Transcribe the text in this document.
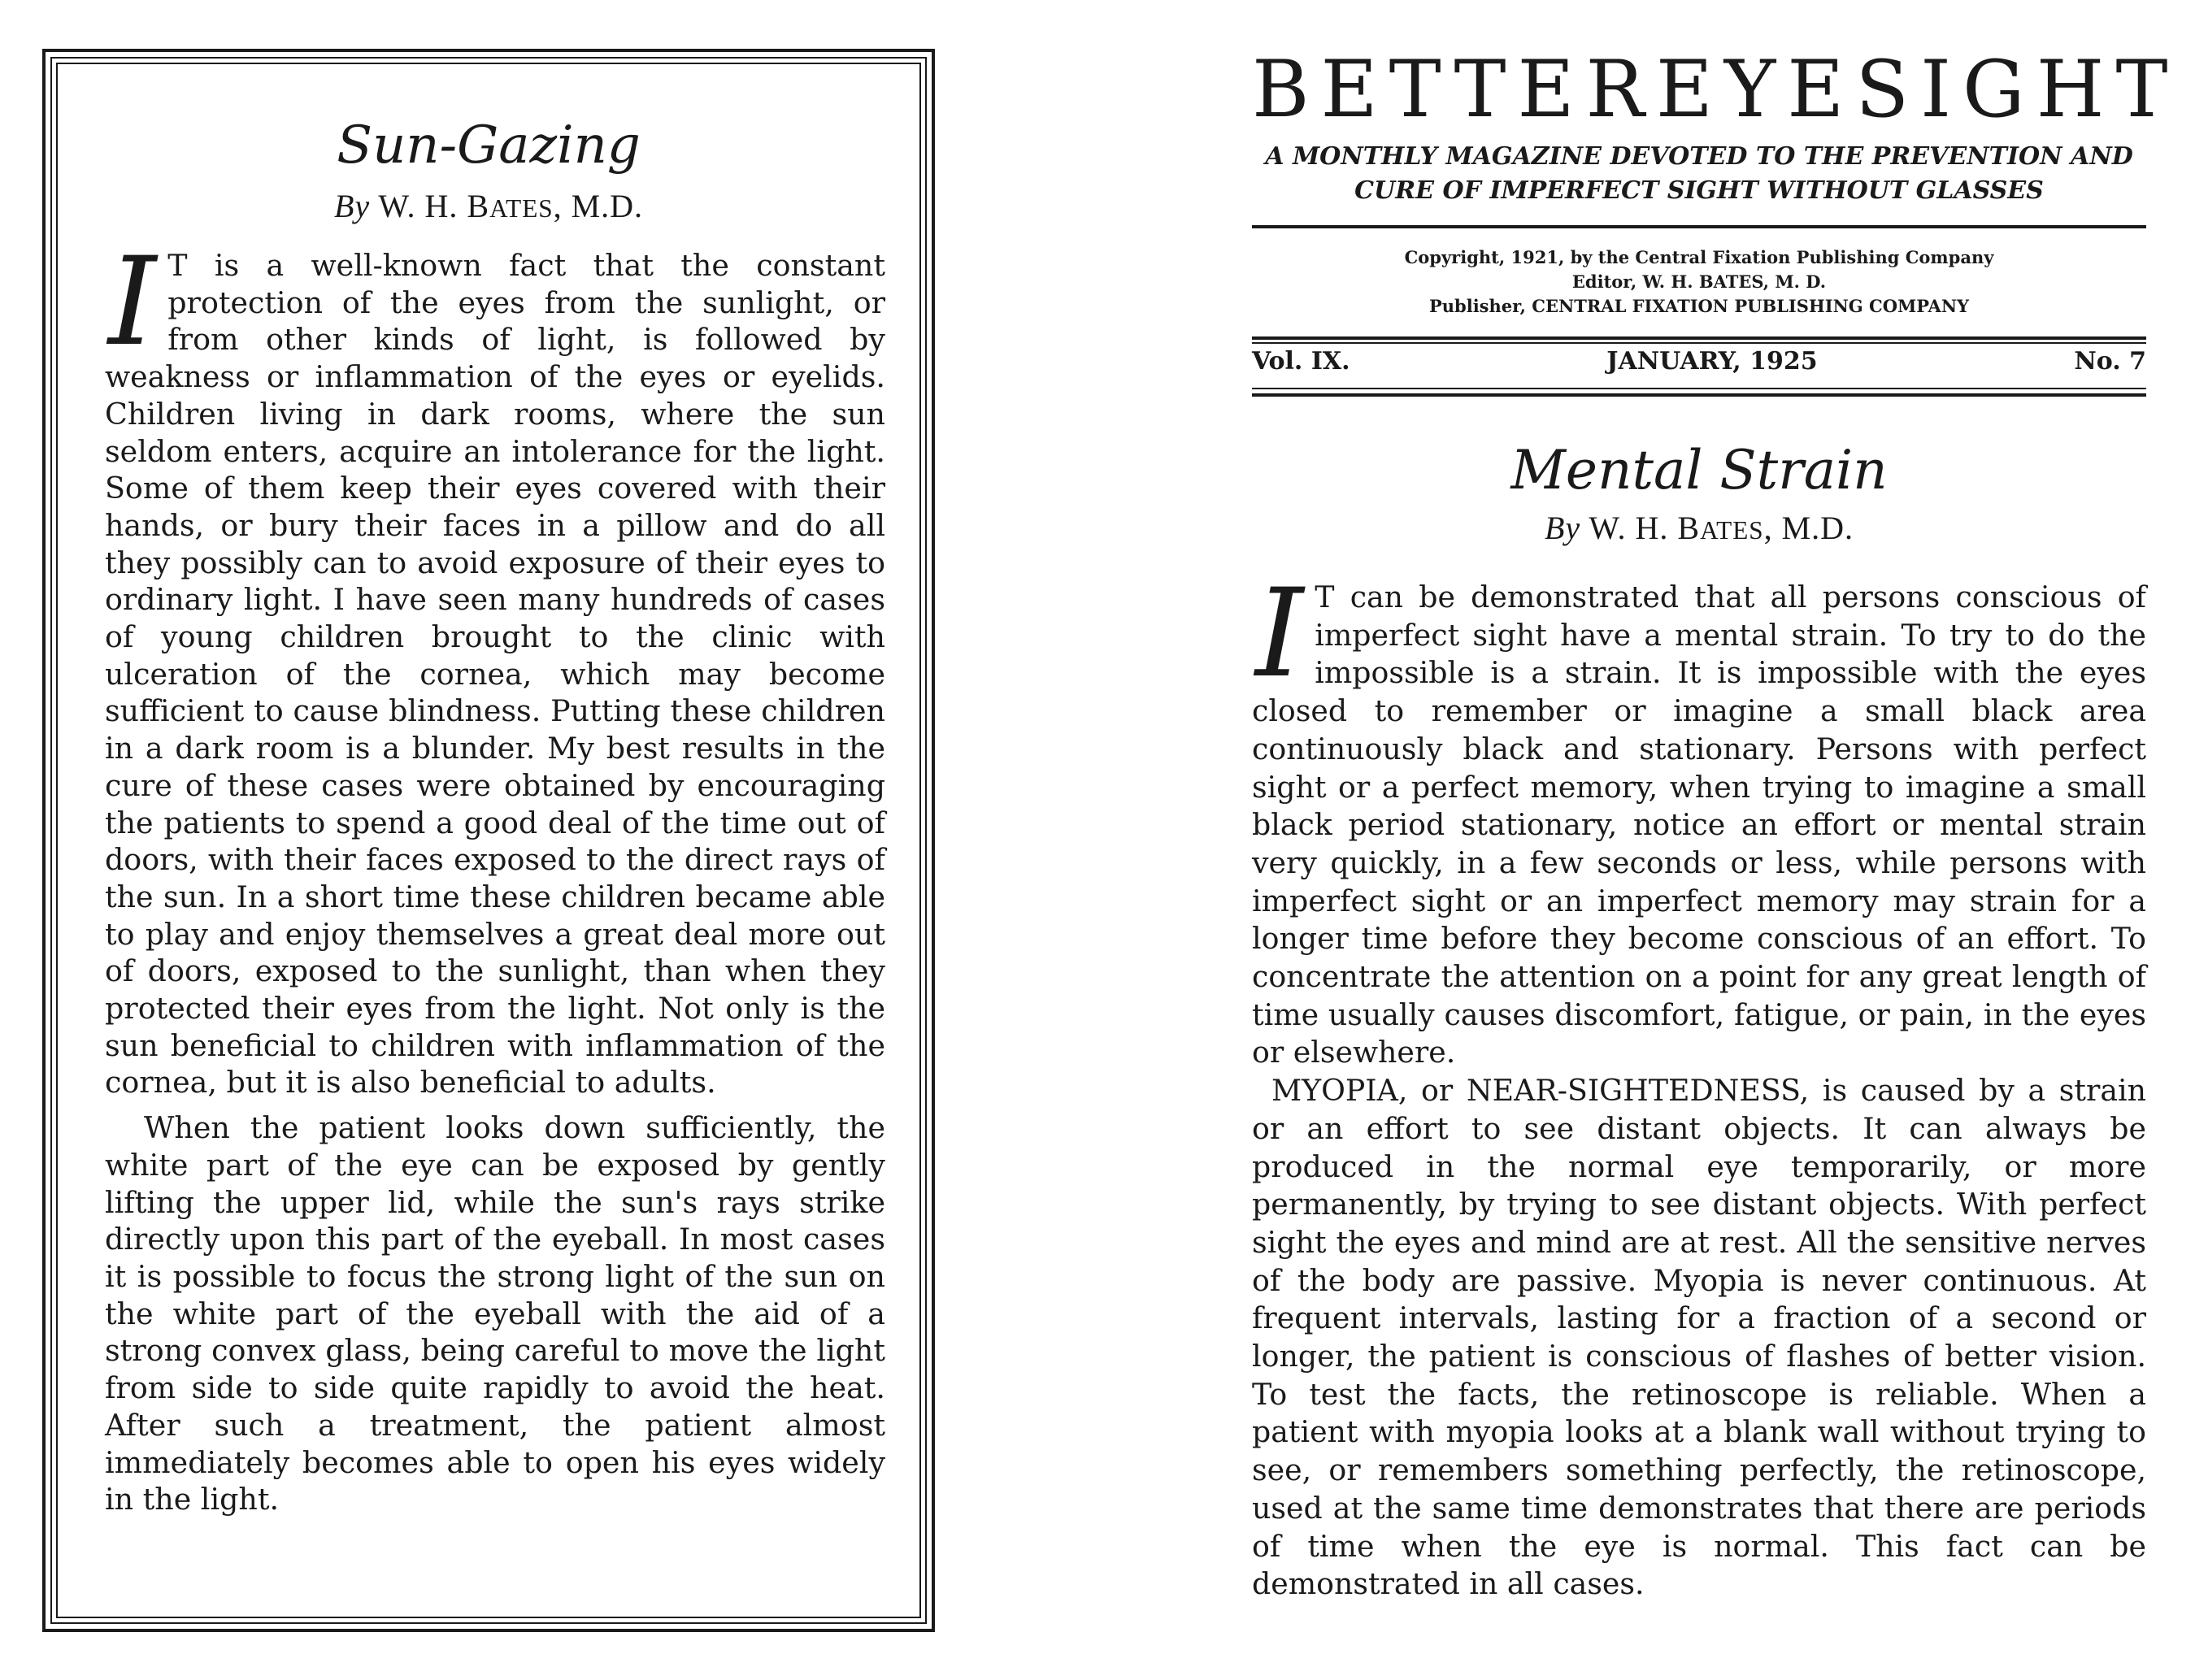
Sun-Gazing
By W. H. BATES, M.D.

I T is a well-known fact that the constant protection of the eyes from the sunlight, or from other kinds of light, is followed by weakness or inflammation of the eyes or eyelids. Children living in dark rooms, where the sun seldom enters, acquire an intolerance for the light. Some of them keep their eyes covered with their hands, or bury their faces in a pillow and do all they possibly can to avoid exposure of their eyes to ordinary light. I have seen many hundreds of cases of young children brought to the clinic with ulceration of the cornea, which may become sufficient to cause blindness. Putting these children in a dark room is a blunder. My best results in the cure of these cases were obtained by encouraging the patients to spend a good deal of the time out of doors, with their faces exposed to the direct rays of the sun. In a short time these children became able to play and enjoy themselves a great deal more out of doors, exposed to the sunlight, than when they protected their eyes from the light. Not only is the sun beneficial to children with inflammation of the cornea, but it is also beneficial to adults.

When the patient looks down sufficiently, the white part of the eye can be exposed by gently lifting the upper lid, while the sun's rays strike directly upon this part of the eyeball. In most cases it is possible to focus the strong light of the sun on the white part of the eyeball with the aid of a strong convex glass, being careful to move the light from side to side quite rapidly to avoid the heat. After such a treatment, the patient almost immediately becomes able to open his eyes widely in the light.

BETTER EYESIGHT
A MONTHLY MAGAZINE DEVOTED TO THE PREVENTION AND
CURE OF IMPERFECT SIGHT WITHOUT GLASSES
Copyright, 1921, by the Central Fixation Publishing Company
Editor, W. H. BATES, M. D.
Publisher, CENTRAL FIXATION PUBLISHING COMPANY
Vol. IX.	JANUARY, 1925	No. 7
Mental Strain
By W. H. BATES, M.D.

I T can be demonstrated that all persons conscious of imperfect sight have a mental strain. To try to do the impossible is a strain. It is impossible with the eyes closed to remember or imagine a small black area continuously black and stationary. Persons with perfect sight or a perfect memory, when trying to imagine a small black period stationary, notice an effort or mental strain very quickly, in a few seconds or less, while persons with imperfect sight or an imperfect memory may strain for a longer time before they become conscious of an effort. To concentrate the attention on a point for any great length of time usually causes discomfort, fatigue, or pain, in the eyes or elsewhere.

MYOPIA, or NEAR-SIGHTEDNESS, is caused by a strain or an effort to see distant objects. It can always be produced in the normal eye temporarily, or more permanently, by trying to see distant objects. With perfect sight the eyes and mind are at rest. All the sensitive nerves of the body are passive. Myopia is never continuous. At frequent intervals, lasting for a fraction of a second or longer, the patient is conscious of flashes of better vision. To test the facts, the retinoscope is reliable. When a patient with myopia looks at a blank wall without trying to see, or remembers something perfectly, the retinoscope, used at the same time demonstrates that there are periods of time when the eye is normal. This fact can be demonstrated in all cases.
